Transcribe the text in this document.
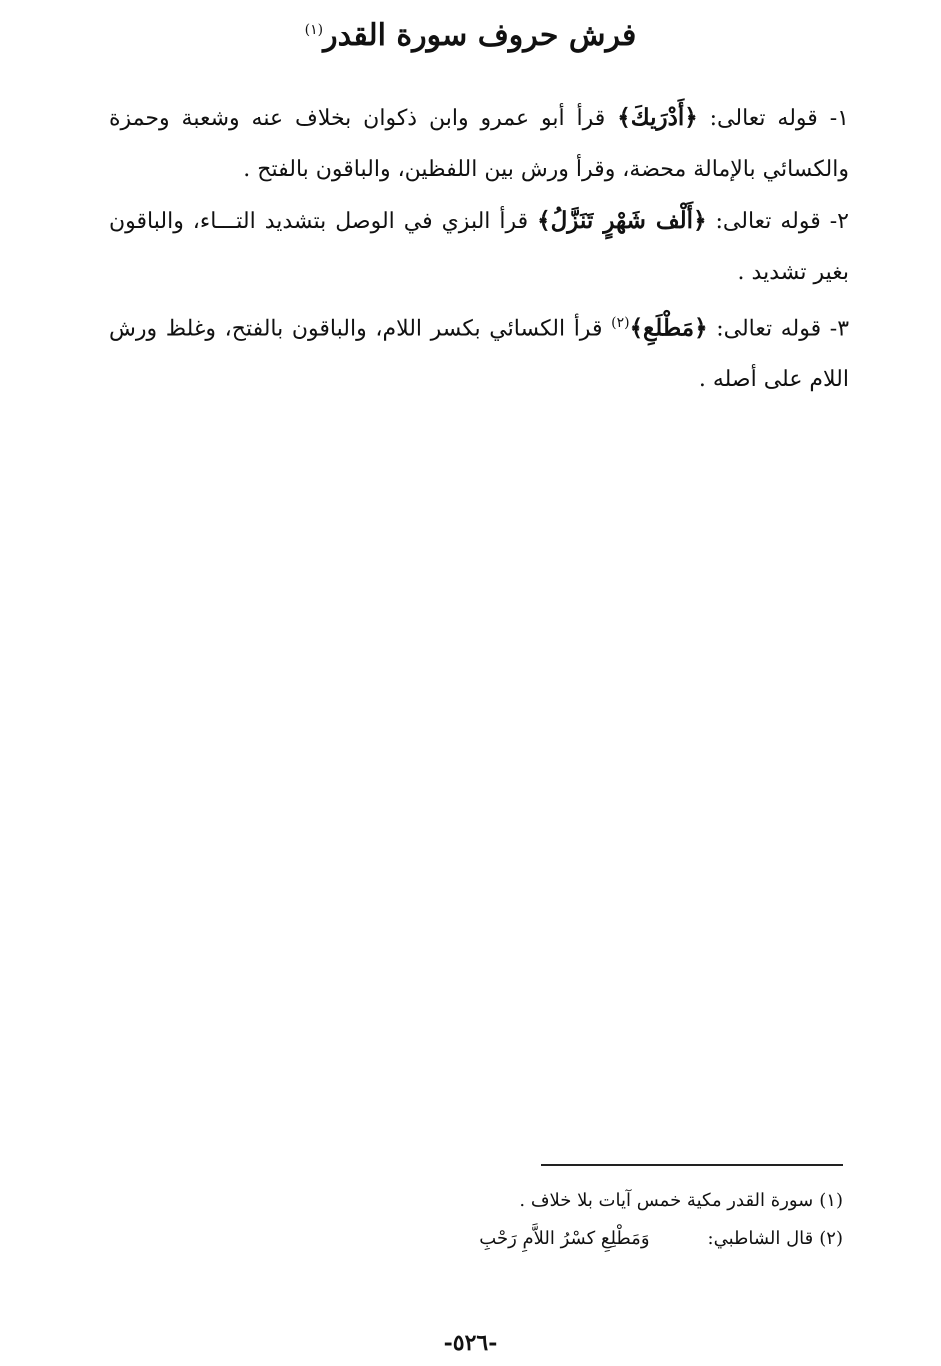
فرش حروف سورة القدر$^{(١)}$

١- قوله تعالى: ﴿أَدْرَيكَ﴾ قرأ أبو عمرو وابن ذكوان بخلاف عنه وشعبة وحمزة والكسائي بالإمالة محضة، وقرأ ورش بين اللفظين، والباقون بالفتح .

٢- قوله تعالى: ﴿أَلْف شَهْرٍ تَنَزَّلُ﴾ قرأ البزي في الوصل بتشديد التـــاء، والباقون بغير تشديد .

٣- قوله تعالى: ﴿مَطْلَعِ﴾$^{(٢)}$ قرأ الكسائي بكسر اللام، والباقون بالفتح، وغلظ ورش اللام على أصله .

(١)سورة القدر مكية خمس آيات بلا خلاف .

(٢)قال الشاطبي:وَمَطْلِعِ كسْرُ اللاَّمِ رَحْبِ

-٥٢٦-
